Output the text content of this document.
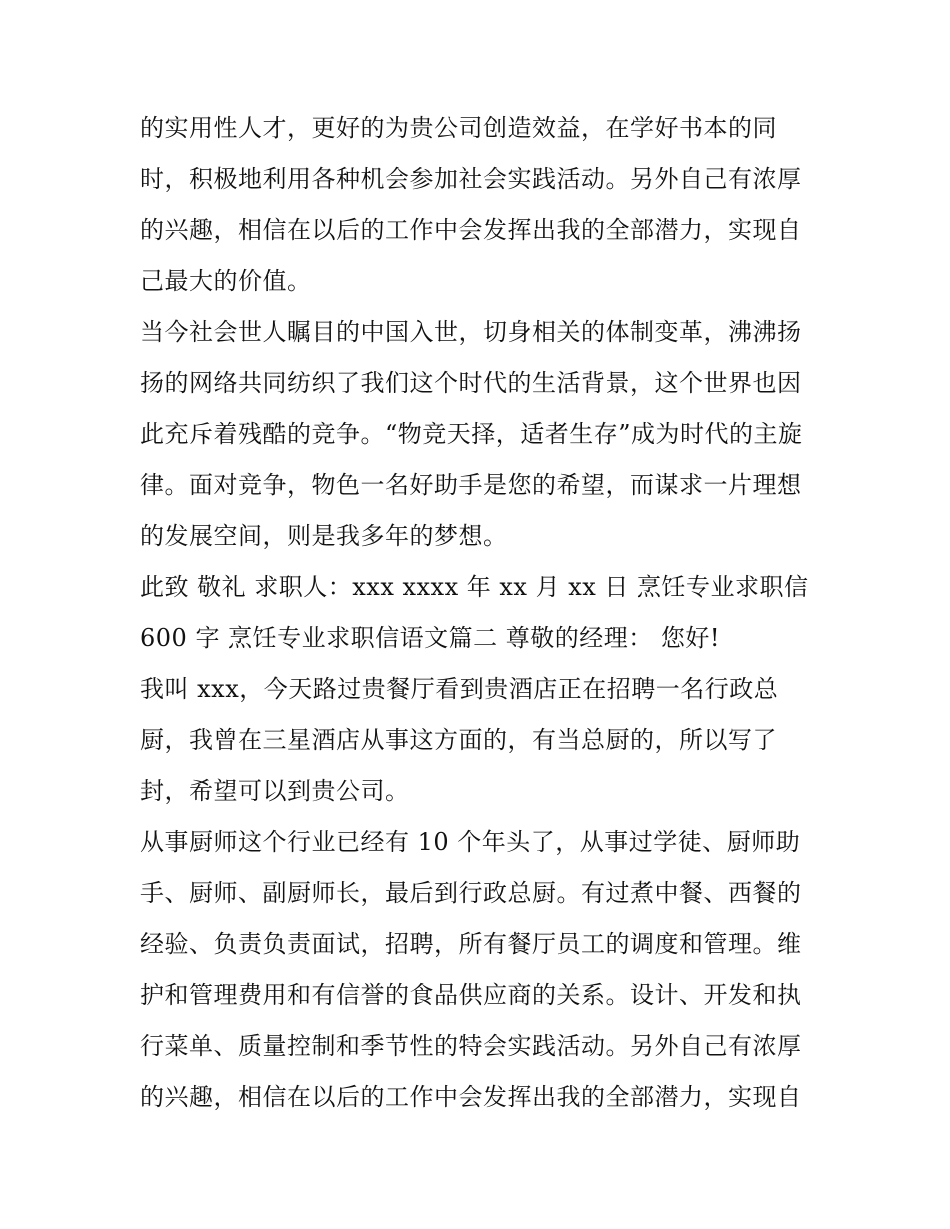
的实用性人才，更好的为贵公司创造效益，在学好书本的同
时，积极地利用各种机会参加社会实践活动。另外自己有浓厚
的兴趣，相信在以后的工作中会发挥出我的全部潜力，实现自
己最大的价值。
当今社会世人瞩目的中国入世，切身相关的体制变革，沸沸扬
扬的网络共同纺织了我们这个时代的生活背景，这个世界也因
此充斥着残酷的竞争。“物竞天择，适者生存”成为时代的主旋
律。面对竞争，物色一名好助手是您的希望，而谋求一片理想
的发展空间，则是我多年的梦想。
此致 敬礼 求职人：xxx xxxx 年 xx 月 xx 日 烹饪专业求职信
600 字 烹饪专业求职信语文篇二 尊敬的经理： 您好!
我叫 xxx，今天路过贵餐厅看到贵酒店正在招聘一名行政总
厨，我曾在三星酒店从事这方面的，有当总厨的，所以写了
封，希望可以到贵公司。
从事厨师这个行业已经有 10 个年头了，从事过学徒、厨师助
手、厨师、副厨师长，最后到行政总厨。有过煮中餐、西餐的
经验、负责负责面试，招聘，所有餐厅员工的调度和管理。维
护和管理费用和有信誉的食品供应商的关系。设计、开发和执
行菜单、质量控制和季节性的特会实践活动。另外自己有浓厚
的兴趣，相信在以后的工作中会发挥出我的全部潜力，实现自
